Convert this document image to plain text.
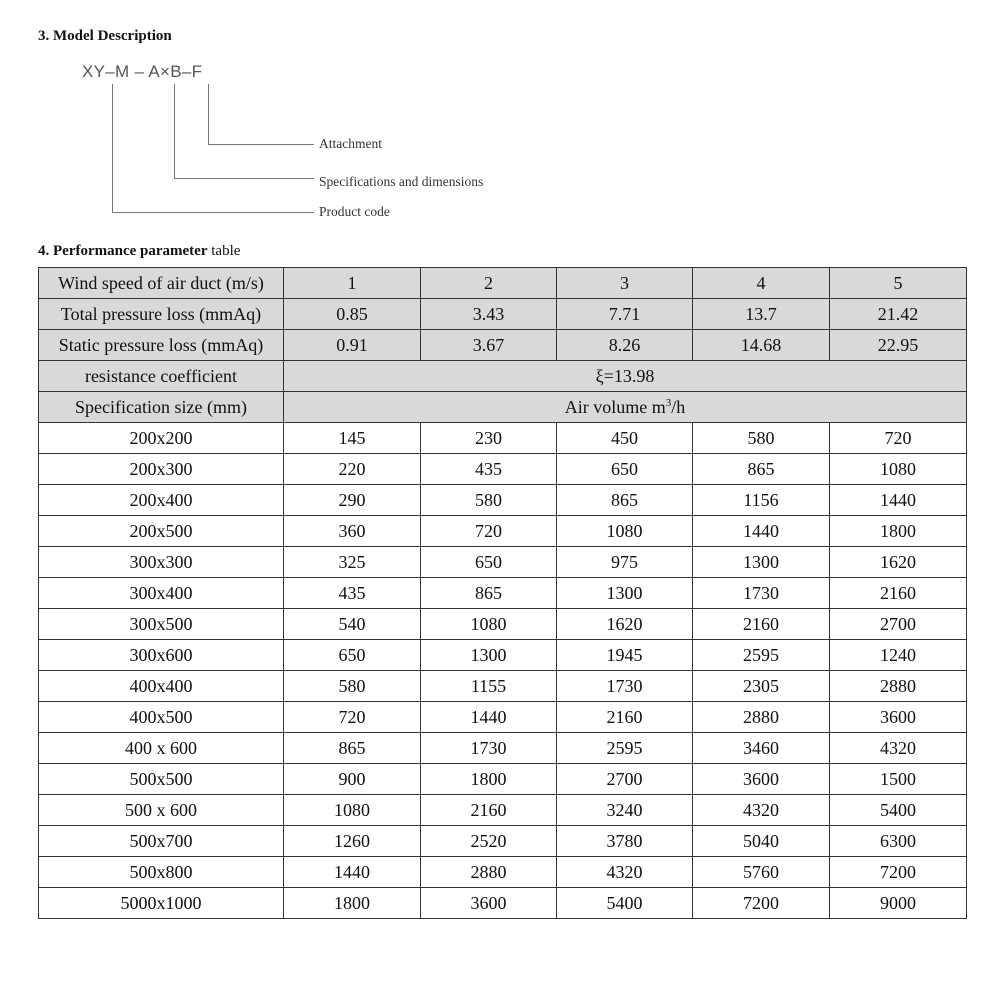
3. Model Description
XY–M – A×B–F
Attachment
Specifications and dimensions
Product code
4. Performance parameter table
Wind speed of air duct (m/s)	1	2	3	4	5
Total pressure loss (mmAq)	0.85	3.43	7.71	13.7	21.42
Static pressure loss (mmAq)	0.91	3.67	8.26	14.68	22.95
resistance coefficient	ξ=13.98				
Specification size (mm)	Air volume $m^3/h$				
200x200	145	230	450	580	720
200x300	220	435	650	865	1080
200x400	290	580	865	1156	1440
200x500	360	720	1080	1440	1800
300x300	325	650	975	1300	1620
300x400	435	865	1300	1730	2160
300x500	540	1080	1620	2160	2700
300x600	650	1300	1945	2595	1240
400x400	580	1155	1730	2305	2880
400x500	720	1440	2160	2880	3600
400 x 600	865	1730	2595	3460	4320
500x500	900	1800	2700	3600	1500
500 x 600	1080	2160	3240	4320	5400
500x700	1260	2520	3780	5040	6300
500x800	1440	2880	4320	5760	7200
5000x1000	1800	3600	5400	7200	9000
